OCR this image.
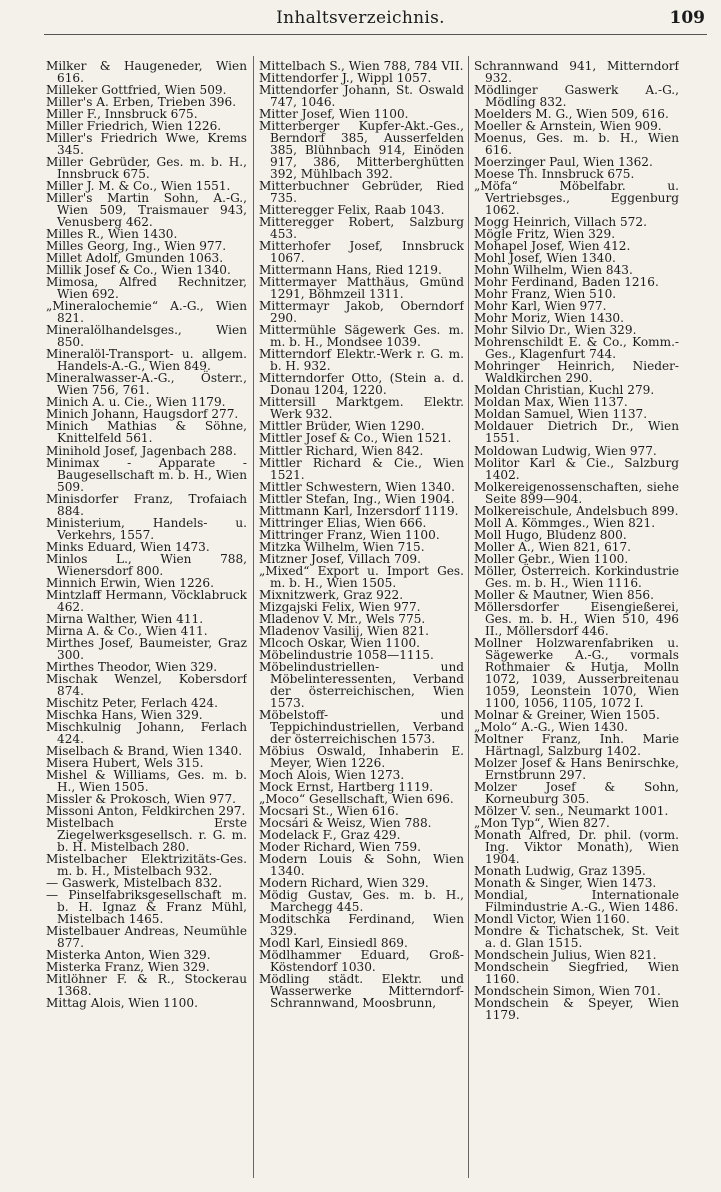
Inhaltsverzeichnis.	109

Milker & Haugeneder, Wien 616.

Milleker Gottfried, Wien 509.

Miller's A. Erben, Trieben 396.

Miller F., Innsbruck 675.

Miller Friedrich, Wien 1226.

Miller's Friedrich Wwe, Krems 345.

Miller Gebrüder, Ges. m. b. H., Innsbruck 675.

Miller J. M. & Co., Wien 1551.

Miller's Martin Sohn, A.-G., Wien 509, Traismauer 943, Venusberg 462.

Milles R., Wien 1430.

Milles Georg, Ing., Wien 977.

Millet Adolf, Gmunden 1063.

Millik Josef & Co., Wien 1340.

Mimosa, Alfred Rechnitzer, Wien 692.

„Mineralochemie“ A.-G., Wien 821.

Mineralölhandelsges., Wien 850.

Mineralöl-Transport- u. allgem. Handels-A.-G., Wien 849.

Mineralwasser-A.-G., Österr., Wien 756, 761.

Minich A. u. Cie., Wien 1179.

Minich Johann, Haugsdorf 277.

Minich Mathias & Söhne, Knittelfeld 561.

Minihold Josef, Jagenbach 288.

Minimax - Apparate - Baugesellschaft m. b. H., Wien 509.

Minisdorfer Franz, Trofaiach 884.

Ministerium, Handels- u. Verkehrs, 1557.

Minks Eduard, Wien 1473.

Minlos L., Wien 788, Wienersdorf 800.

Minnich Erwin, Wien 1226.

Mintzlaff Hermann, Vöcklabruck 462.

Mirna Walther, Wien 411.

Mirna A. & Co., Wien 411.

Mirthes Josef, Baumeister, Graz 300.

Mirthes Theodor, Wien 329.

Mischak Wenzel, Kobersdorf 874.

Mischitz Peter, Ferlach 424.

Mischka Hans, Wien 329.

Mischkulnig Johann, Ferlach 424.

Miselbach & Brand, Wien 1340.

Misera Hubert, Wels 315.

Mishel & Williams, Ges. m. b. H., Wien 1505.

Missler & Prokosch, Wien 977.

Missoni Anton, Feldkirchen 297.

Mistelbach Erste Ziegelwerksgesellsch. r. G. m. b. H. Mistelbach 280.

Mistelbacher Elektrizitäts-Ges. m. b. H., Mistelbach 932.

— Gaswerk, Mistelbach 832.

— Pinselfabriksgesellschaft m. b. H. Ignaz & Franz Mühl, Mistelbach 1465.

Mistelbauer Andreas, Neumühle 877.

Misterka Anton, Wien 329.

Misterka Franz, Wien 329.

Mitlöhner F. & R., Stockerau 1368.

Mittag Alois, Wien 1100.

Mittelbach S., Wien 788, 784 VII.

Mittendorfer J., Wippl 1057.

Mittendorfer Johann, St. Oswald 747, 1046.

Mitter Josef, Wien 1100.

Mitterberger Kupfer-Akt.-Ges., Berndorf 385, Ausserfelden 385, Blühnbach 914, Einöden 917, 386, Mitterberghütten 392, Mühlbach 392.

Mitterbuchner Gebrüder, Ried 735.

Mitteregger Felix, Raab 1043.

Mitteregger Robert, Salzburg 453.

Mitterhofer Josef, Innsbruck 1067.

Mittermann Hans, Ried 1219.

Mittermayer Matthäus, Gmünd 1291, Böhmzeil 1311.

Mittermayr Jakob, Oberndorf 290.

Mittermühle Sägewerk Ges. m. m. b. H., Mondsee 1039.

Mitterndorf Elektr.-Werk r. G. m. b. H. 932.

Mitterndorfer Otto, (Stein a. d. Donau 1204, 1220.

Mittersill Marktgem. Elektr. Werk 932.

Mittler Brüder, Wien 1290.

Mittler Josef & Co., Wien 1521.

Mittler Richard, Wien 842.

Mittler Richard & Cie., Wien 1521.

Mittler Schwestern, Wien 1340.

Mittler Stefan, Ing., Wien 1904.

Mittmann Karl, Inzersdorf 1119.

Mittringer Elias, Wien 666.

Mittringer Franz, Wien 1100.

Mitzka Wilhelm, Wien 715.

Mitzner Josef, Villach 709.

„Mixed“ Export u. Import Ges. m. b. H., Wien 1505.

Mixnitzwerk, Graz 922.

Mizgajski Felix, Wien 977.

Mladenov V. Mr., Wels 775.

Mladenov Vasilij, Wien 821.

Mlcoch Oskar, Wien 1100.

Möbelindustrie 1058—1115.

Möbelindustriellen- und Möbelinteressenten, Verband der österreichischen, Wien 1573.

Möbelstoff- und Teppichindustriellen, Verband der österreichischen 1573.

Möbius Oswald, Inhaberin E. Meyer, Wien 1226.

Moch Alois, Wien 1273.

Mock Ernst, Hartberg 1119.

„Moco“ Gesellschaft, Wien 696.

Mocsari St., Wien 616.

Mocsári & Weisz, Wien 788.

Modelack F., Graz 429.

Moder Richard, Wien 759.

Modern Louis & Sohn, Wien 1340.

Modern Richard, Wien 329.

Mödig Gustav, Ges. m. b. H., Marchegg 445.

Moditschka Ferdinand, Wien 329.

Modl Karl, Einsiedl 869.

Mödlhammer Eduard, Groß-Köstendorf 1030.

Mödling städt. Elektr. und Wasserwerke Mitterndorf-Schrannwand, Moosbrunn,

Schrannwand 941, Mitterndorf 932.

Mödlinger Gaswerk A.-G., Mödling 832.

Moelders M. G., Wien 509, 616.

Moeller & Arnstein, Wien 909.

Moenus, Ges. m. b. H., Wien 616.

Moerzinger Paul, Wien 1362.

Moese Th. Innsbruck 675.

„Möfa“ Möbelfabr. u. Vertriebsges., Eggenburg 1062.

Mogg Heinrich, Villach 572.

Mögle Fritz, Wien 329.

Mohapel Josef, Wien 412.

Mohl Josef, Wien 1340.

Mohn Wilhelm, Wien 843.

Mohr Ferdinand, Baden 1216.

Mohr Franz, Wien 510.

Mohr Karl, Wien 977.

Mohr Moriz, Wien 1430.

Mohr Silvio Dr., Wien 329.

Mohrenschildt E. & Co., Komm.-Ges., Klagenfurt 744.

Mohringer Heinrich, Nieder-Waldkirchen 290.

Moldan Christian, Kuchl 279.

Moldan Max, Wien 1137.

Moldan Samuel, Wien 1137.

Moldauer Dietrich Dr., Wien 1551.

Moldowan Ludwig, Wien 977.

Molitor Karl & Cie., Salzburg 1402.

Molkereigenossenschaften, siehe Seite 899—904.

Molkereischule, Andelsbuch 899.

Moll A. Kömmges., Wien 821.

Moll Hugo, Bludenz 800.

Moller A., Wien 821, 617.

Moller Gebr., Wien 1100.

Möller, Österreich. Korkindustrie Ges. m. b. H., Wien 1116.

Moller & Mautner, Wien 856.

Möllersdorfer Eisengießerei, Ges. m. b. H., Wien 510, 496 II., Möllersdorf 446.

Mollner Holzwarenfabriken u. Sägewerke A.-G., vormals Rothmaier & Hutja, Molln 1072, 1039, Ausserbreitenau 1059, Leonstein 1070, Wien 1100, 1056, 1105, 1072 I.

Molnar & Greiner, Wien 1505.

„Molo“ A.-G., Wien 1430.

Moltner Franz, Inh. Marie Härtnagl, Salzburg 1402.

Molzer Josef & Hans Benirschke, Ernstbrunn 297.

Molzer Josef & Sohn, Korneuburg 305.

Mölzer V. sen., Neumarkt 1001.

„Mon Typ“, Wien 827.

Monath Alfred, Dr. phil. (vorm. Ing. Viktor Monath), Wien 1904.

Monath Ludwig, Graz 1395.

Monath & Singer, Wien 1473.

Mondial, Internationale Filmindustrie A.-G., Wien 1486.

Mondl Victor, Wien 1160.

Mondre & Tichatschek, St. Veit a. d. Glan 1515.

Mondschein Julius, Wien 821.

Mondschein Siegfried, Wien 1160.

Mondschein Simon, Wien 701.

Mondschein & Speyer, Wien 1179.
